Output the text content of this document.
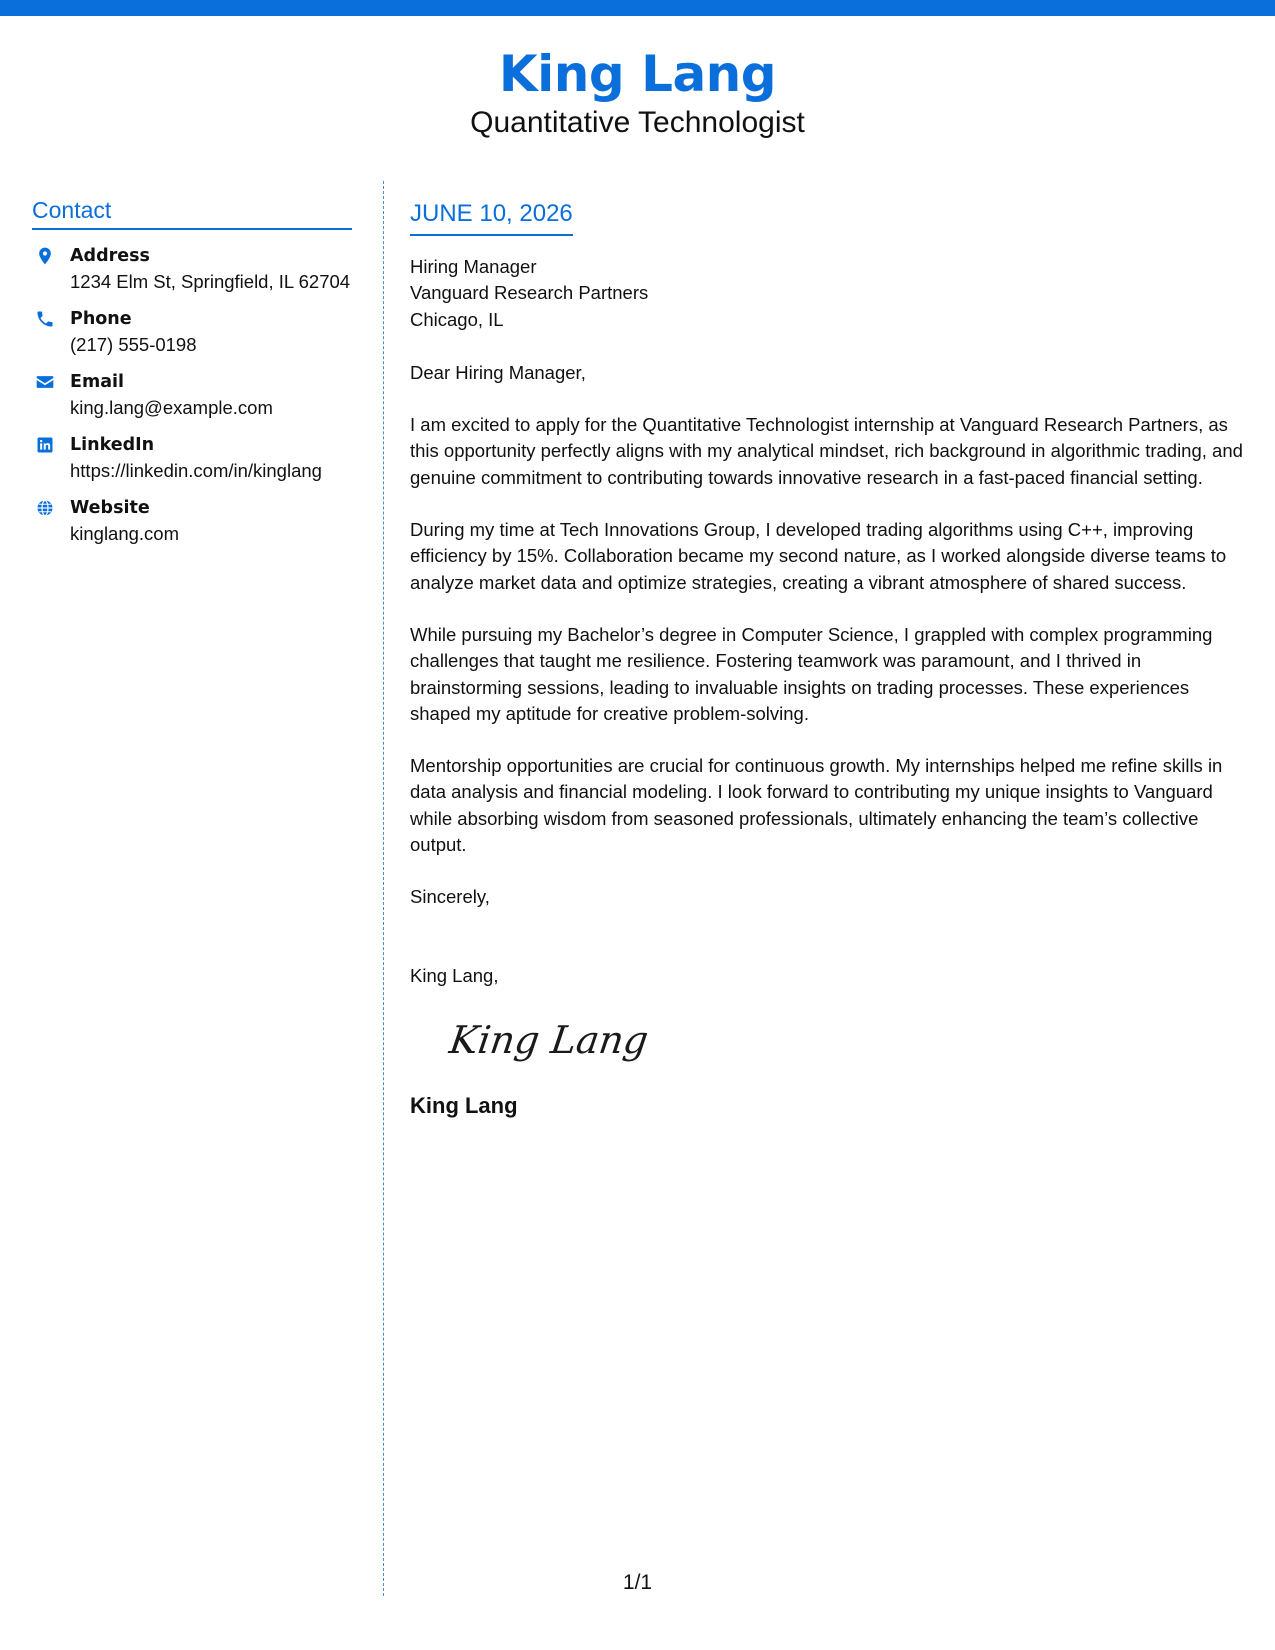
King Lang
Quantitative Technologist
Contact
Address
1234 Elm St, Springfield, IL 62704
Phone
(217) 555-0198
Email
king.lang@example.com
LinkedIn
https://linkedin.com/in/kinglang
Website
kinglang.com
JUNE 10, 2026
Hiring Manager
Vanguard Research Partners
Chicago, IL
Dear Hiring Manager,
I am excited to apply for the Quantitative Technologist internship at Vanguard Research Partners, as this opportunity perfectly aligns with my analytical mindset, rich background in algorithmic trading, and genuine commitment to contributing towards innovative research in a fast-paced financial setting.
During my time at Tech Innovations Group, I developed trading algorithms using C++, improving efficiency by 15%. Collaboration became my second nature, as I worked alongside diverse teams to analyze market data and optimize strategies, creating a vibrant atmosphere of shared success.
While pursuing my Bachelor’s degree in Computer Science, I grappled with complex programming challenges that taught me resilience. Fostering teamwork was paramount, and I thrived in brainstorming sessions, leading to invaluable insights on trading processes. These experiences shaped my aptitude for creative problem-solving.
Mentorship opportunities are crucial for continuous growth. My internships helped me refine skills in data analysis and financial modeling. I look forward to contributing my unique insights to Vanguard while absorbing wisdom from seasoned professionals, ultimately enhancing the team’s collective output.
Sincerely,
King Lang,
King Lang
King Lang
1/1
